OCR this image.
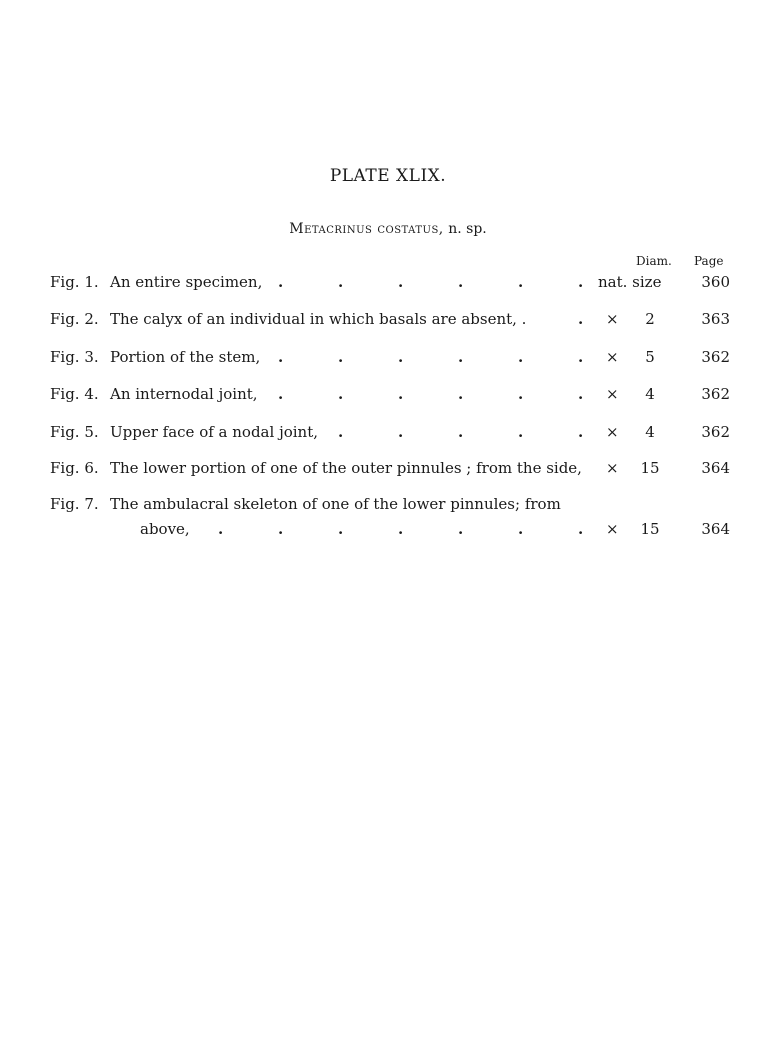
PLATE XLIX.
Metacrinus costatus, n. sp.
Diam. Page
Fig. 1. An entire specimen, .	.	.	.	.	. nat. size	360
Fig. 2. The calyx of an individual in which basals are absent, .	. ×	2	363
Fig. 3. Portion of the stem, .	.	.	.	.	. ×	5	362
Fig. 4. An internodal joint, .	.	.	.	.	. ×	4	362
Fig. 5. Upper face of a nodal joint, .	.	.	.	. ×	4	362
Fig. 6. The lower portion of one of the outer pinnules ; from the side, ×	15	364
Fig. 7. The ambulacral skeleton of one of the lower pinnules; from
above, .	.	.	.	.	.	. ×	15	364
